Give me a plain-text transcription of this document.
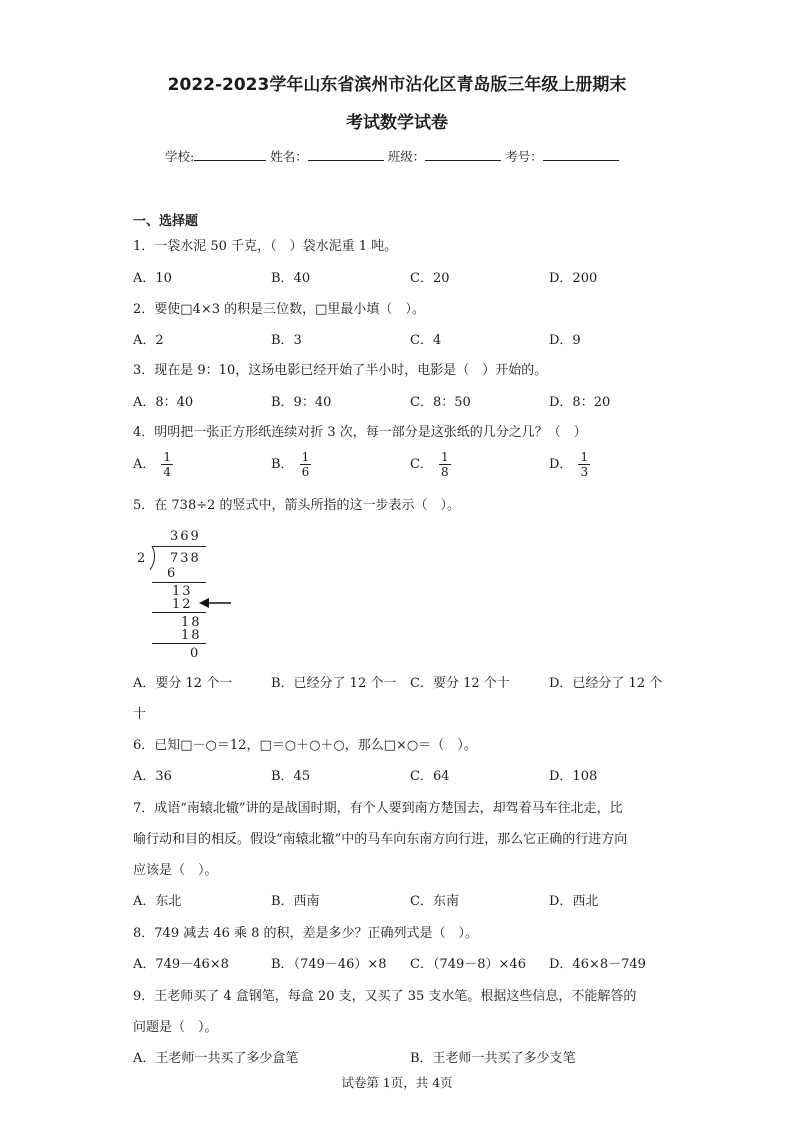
2022-2023学年山东省滨州市沾化区青岛版三年级上册期末
考试数学试卷
学校:	姓名：	班级：	考号：
一、选择题
1．一袋水泥 50 千克，（　）袋水泥重 1 吨。
A．10	B．40	C．20	D．200
2．要使□4×3 的积是三位数，□里最小填（　）。
A．2	B．3	C．4	D．9
3．现在是 9：10，这场电影已经开始了半小时，电影是（　）开始的。
A．8：40	B．9：40	C．8：50	D．8：20
4．明明把一张正方形纸连续对折 3 次，每一部分是这张纸的几分之几？（　）
A． $\frac{1}{4}$	B． $\frac{1}{6}$	C． $\frac{1}{8}$	D． $\frac{1}{3}$
5．在 738÷2 的竖式中，箭头所指的这一步表示（　）。
369
2 738
6
13
12
18
18
0
A．要分 12 个一	B．已经分了 12 个一 C．要分 12 个十	D．已经分了 12 个
十
6．已知□－○＝12，□＝○＋○＋○，那么□×○＝（　）。
A．36	B．45	C．64	D．108
7．成语“南辕北辙”讲的是战国时期，有个人要到南方楚国去，却驾着马车往北走，比
喻行动和目的相反。假设“南辕北辙”中的马车向东南方向行进，那么它正确的行进方向
应该是（　）。
A．东北	B．西南	C．东南	D．西北
8．749 减去 46 乘 8 的积，差是多少？正确列式是（　）。
A．749－46×8	B．（749－46）×8 C．（749－8）×46 D．46×8－749
9．王老师买了 4 盒钢笔，每盒 20 支，又买了 35 支水笔。根据这些信息，不能解答的
问题是（　）。
A．王老师一共买了多少盒笔	B．王老师一共买了多少支笔
试卷第 1页，共 4页
